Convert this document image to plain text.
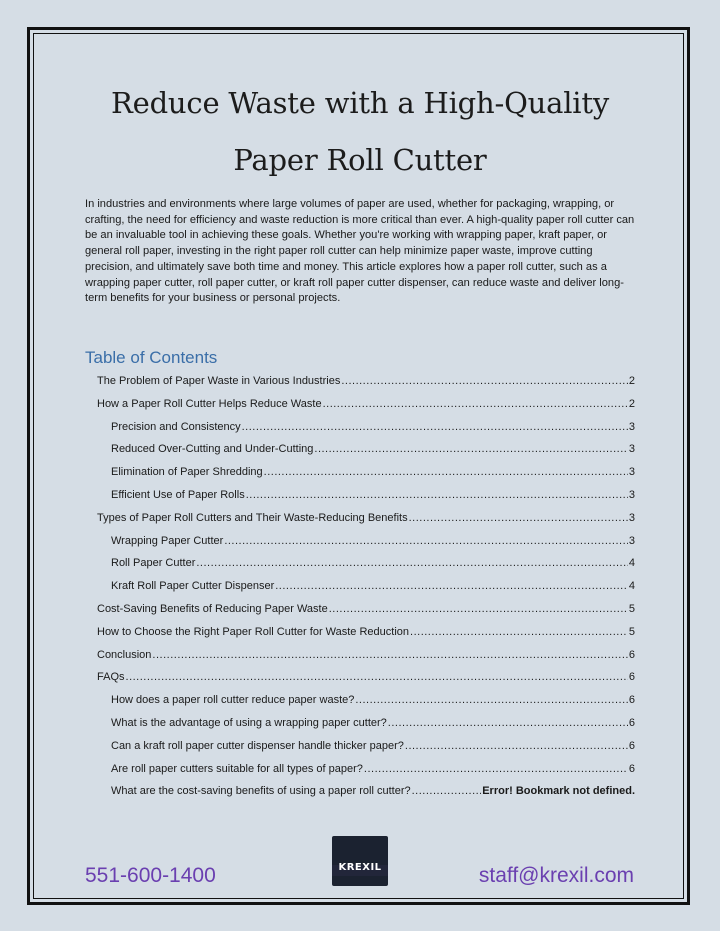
Reduce Waste with a High-Quality
Paper Roll Cutter

In industries and environments where large volumes of paper are used, whether for packaging, wrapping, or crafting, the need for efficiency and waste reduction is more critical than ever. A high-quality paper roll cutter can be an invaluable tool in achieving these goals. Whether you're working with wrapping paper, kraft paper, or general roll paper, investing in the right paper roll cutter can help minimize paper waste, improve cutting precision, and ultimately save both time and money. This article explores how a paper roll cutter, such as a wrapping paper cutter, roll paper cutter, or kraft roll paper cutter dispenser, can reduce waste and deliver long-term benefits for your business or personal projects.

Table of Contents
The Problem of Paper Waste in Various Industries .....	2
How a Paper Roll Cutter Helps Reduce Waste .....	2
Precision and Consistency .....	3
Reduced Over-Cutting and Under-Cutting .....	3
Elimination of Paper Shredding .....	3
Efficient Use of Paper Rolls .....	3
Types of Paper Roll Cutters and Their Waste-Reducing Benefits .....	3
Wrapping Paper Cutter .....	3
Roll Paper Cutter .....	4
Kraft Roll Paper Cutter Dispenser .....	4
Cost-Saving Benefits of Reducing Paper Waste .....	5
How to Choose the Right Paper Roll Cutter for Waste Reduction .....	5
Conclusion .....	6
FAQs .....	6
How does a paper roll cutter reduce paper waste? .....	6
What is the advantage of using a wrapping paper cutter? .....	6
Can a kraft roll paper cutter dispenser handle thicker paper? .....	6
Are roll paper cutters suitable for all types of paper? .....	6
What are the cost-saving benefits of using a paper roll cutter? .....	Error! Bookmark not defined.
551-600-1400	KREXIL	staff@krexil.com
